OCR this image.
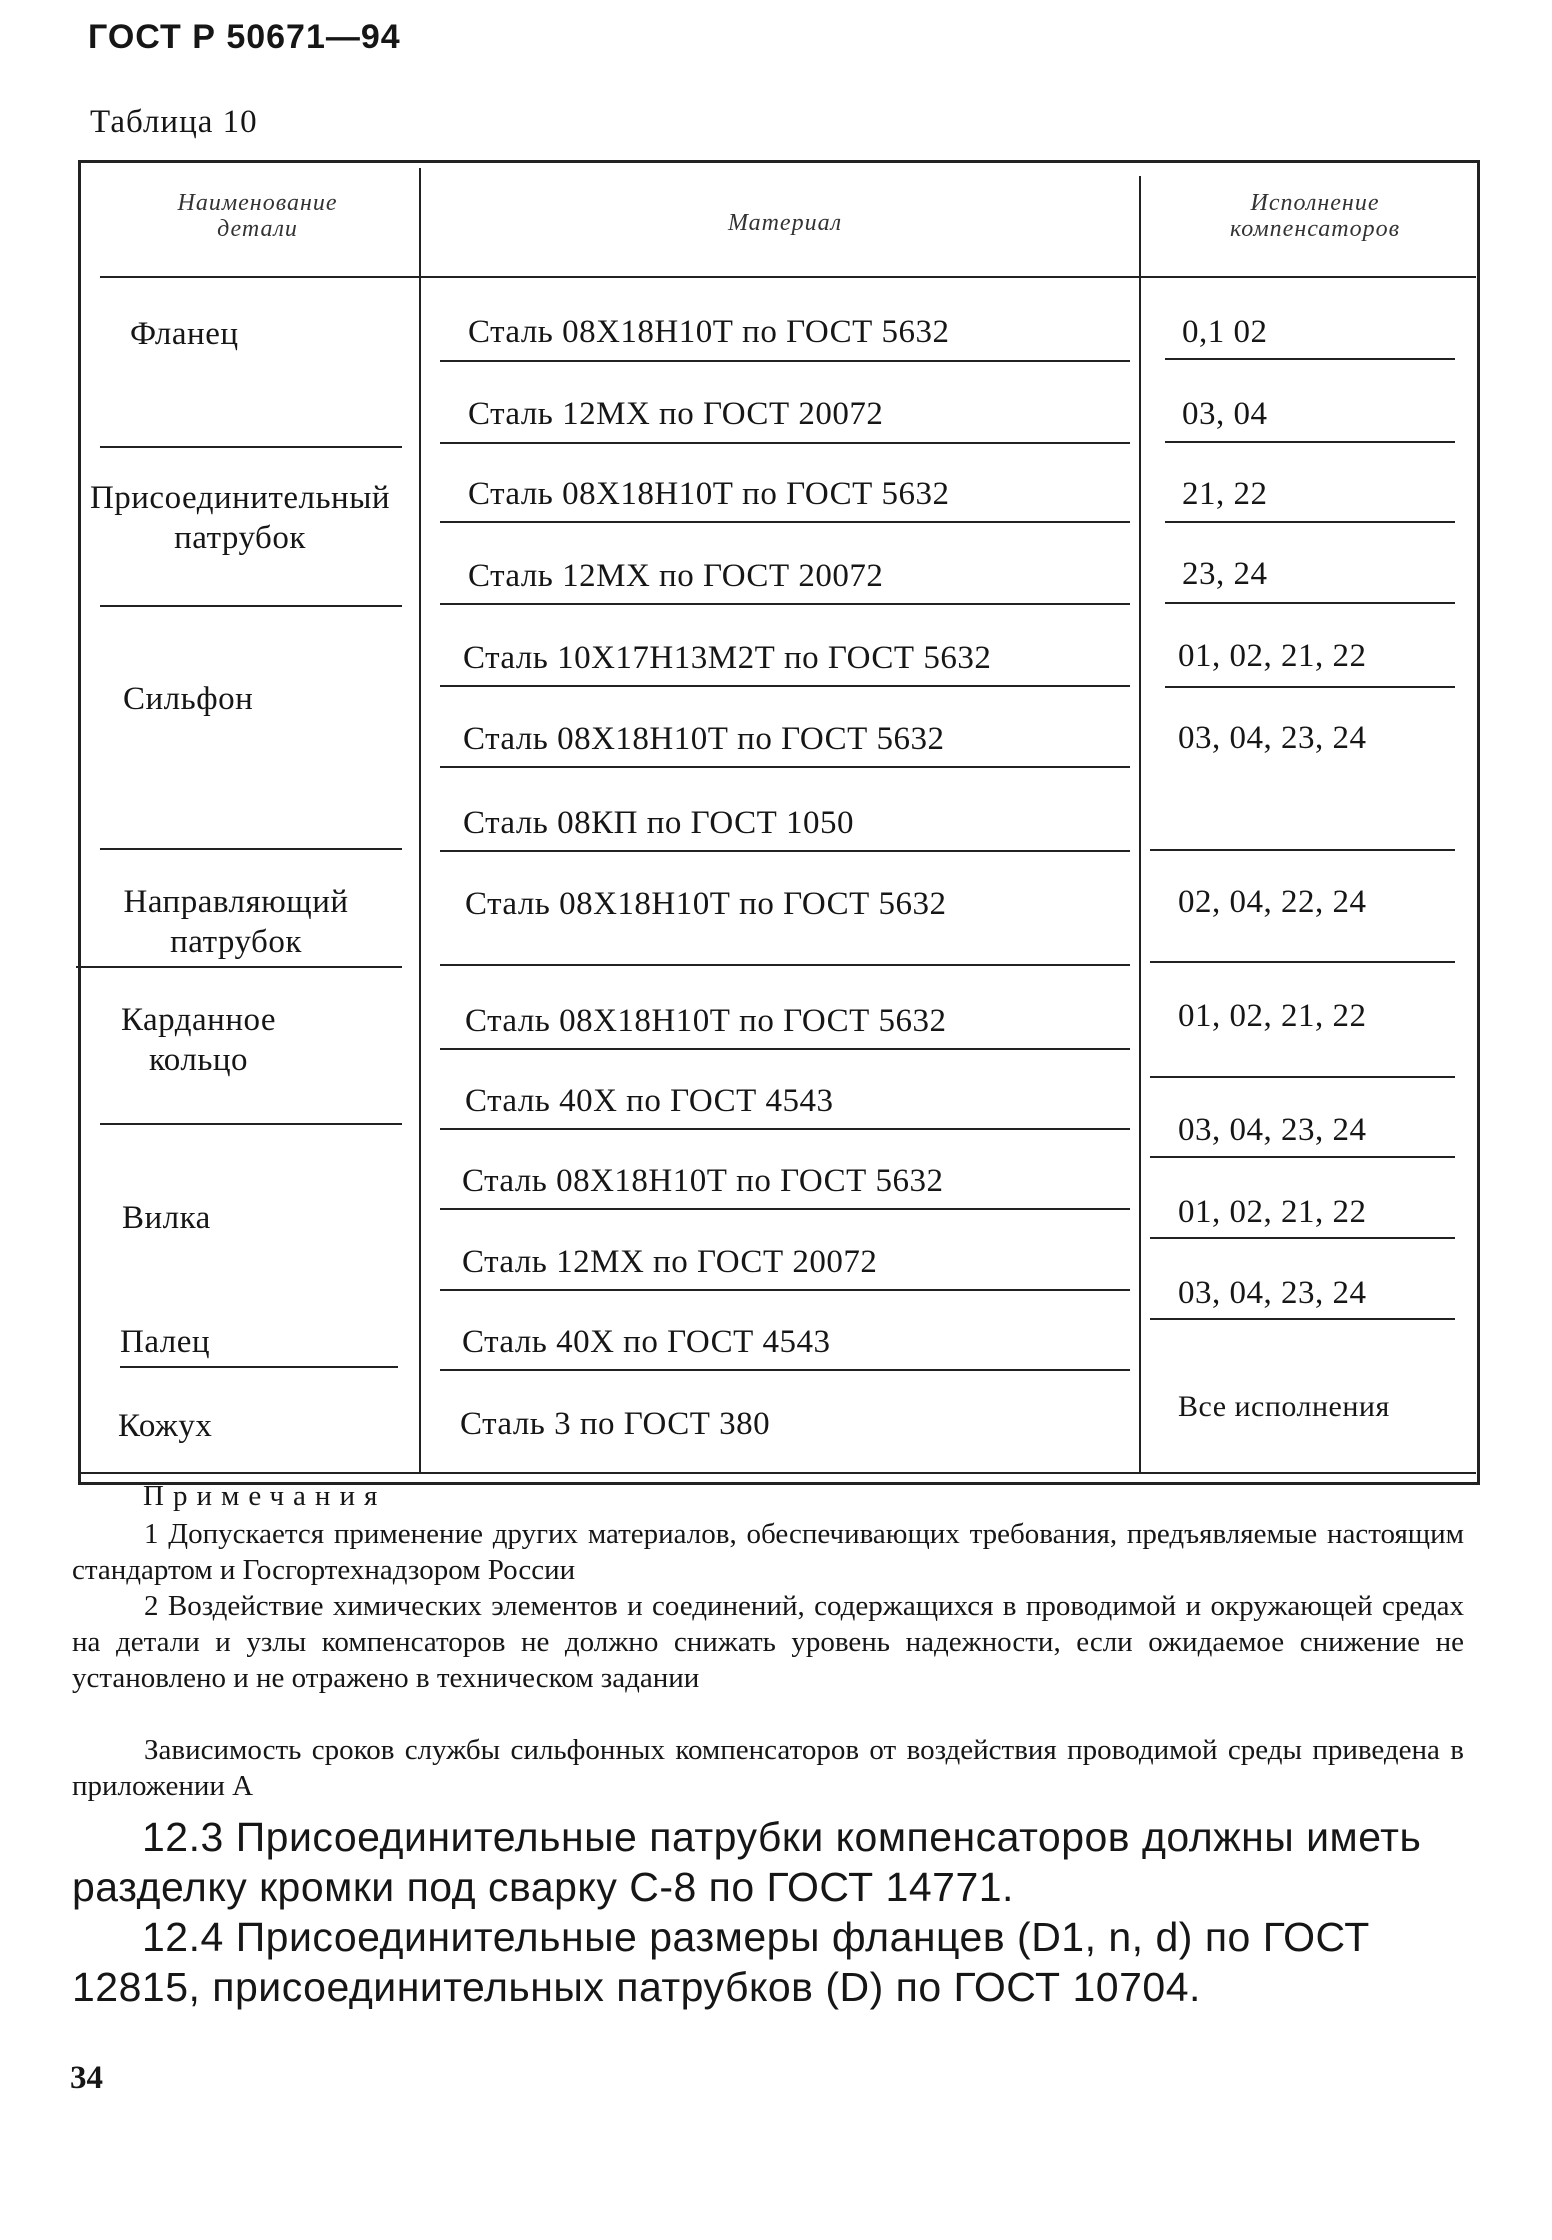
ГОСТ Р 50671—94
Таблица 10
Наименование детали	Материал
Исполнение компенсаторов
Фланец
Присоединительный патрубок
Сильфон
Направляющий патрубок
Карданное кольцо
Вилка
Палец
Кожух
Сталь 08Х18Н10Т по ГОСТ 5632
Сталь 12МХ по ГОСТ 20072
Сталь 08Х18Н10Т по ГОСТ 5632
Сталь 12МХ по ГОСТ 20072
Сталь 10Х17Н13М2Т по ГОСТ 5632
Сталь 08Х18Н10Т по ГОСТ 5632
Сталь 08КП по ГОСТ 1050
Сталь 08Х18Н10Т по ГОСТ 5632
Сталь 08Х18Н10Т по ГОСТ 5632
Сталь 40Х по ГОСТ 4543
Сталь 08Х18Н10Т по ГОСТ 5632
Сталь 12МХ по ГОСТ 20072
Сталь 40Х по ГОСТ 4543
Сталь 3 по ГОСТ 380
0,1 02
03, 04
21, 22
23, 24
01, 02, 21, 22
03, 04, 23, 24
02, 04, 22, 24
01, 02, 21, 22
03, 04, 23, 24
01, 02, 21, 22
03, 04, 23, 24
Все исполнения
Примечания
1 Допускается применение других материалов, обеспечивающих требования, предъявляемые настоящим стандартом и Госгортехнадзором России
2 Воздействие химических элементов и соединений, содержащихся в проводимой и окружающей средах на детали и узлы компенсаторов не должно снижать уровень надежности, если ожидаемое снижение не установлено и не отражено в техническом задании
Зависимость сроков службы сильфонных компенсаторов от воздействия проводимой среды приведена в приложении А
12.3 Присоединительные патрубки компенсаторов должны иметь разделку кромки под сварку С-8 по ГОСТ 14771.
12.4 Присоединительные размеры фланцев (D1, n, d) по ГОСТ 12815, присоединительных патрубков (D) по ГОСТ 10704.
34
